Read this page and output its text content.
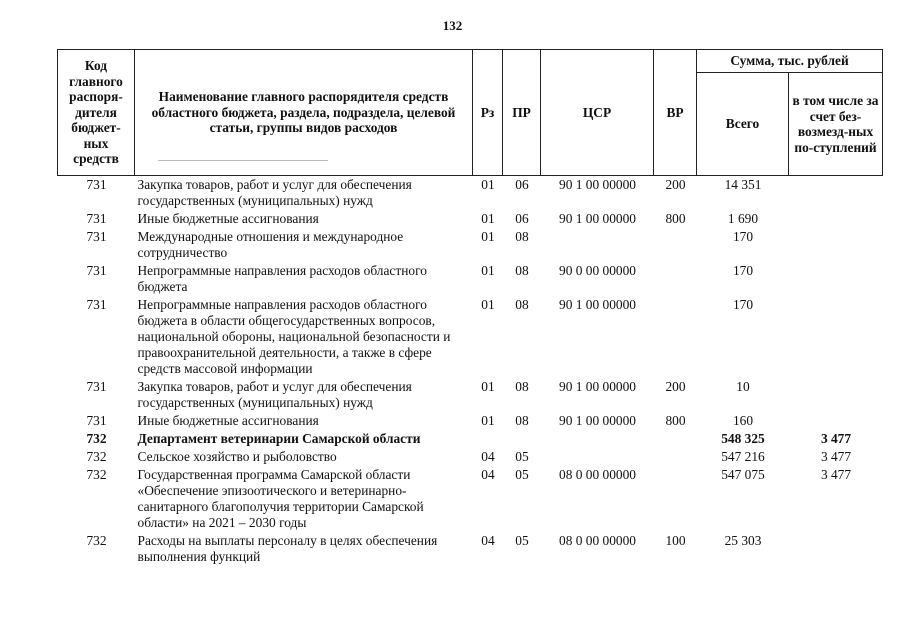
132
Код главного распоря-дителя бюджет-ных средств	Наименование главного распорядителя средств областного бюджета, раздела, подраздела, целевой статьи, группы видов расходов	Рз	ПР	ЦСР	ВР	Сумма, тыс. рублей	
						Всего	в том числе за счет без-возмезд-ных по-ступлений
731	Закупка товаров, работ и услуг для обеспечения государственных (муниципальных) нужд	01	06	90 1 00 00000	200	14 351	
731	Иные бюджетные ассигнования	01	06	90 1 00 00000	800	1 690	
731	Международные отношения и международное сотрудничество	01	08			170	
731	Непрограммные направления расходов областного бюджета	01	08	90 0 00 00000		170	
731	Непрограммные направления расходов областного бюджета в области общегосударственных вопросов, национальной обороны, национальной безопасности и правоохранительной деятельности, а также в сфере средств массовой информации	01	08	90 1 00 00000		170	
731	Закупка товаров, работ и услуг для обеспечения государственных (муниципальных) нужд	01	08	90 1 00 00000	200	10	
731	Иные бюджетные ассигнования	01	08	90 1 00 00000	800	160	
732	Департамент ветеринарии Самарской области					548 325	3 477
732	Сельское хозяйство и рыболовство	04	05			547 216	3 477
732	Государственная программа Самарской области «Обеспечение эпизоотического и ветеринарно-санитарного благополучия территории Самарской области» на 2021 – 2030 годы	04	05	08 0 00 00000		547 075	3 477
732	Расходы на выплаты персоналу в целях обеспечения выполнения функций	04	05	08 0 00 00000	100	25 303	
